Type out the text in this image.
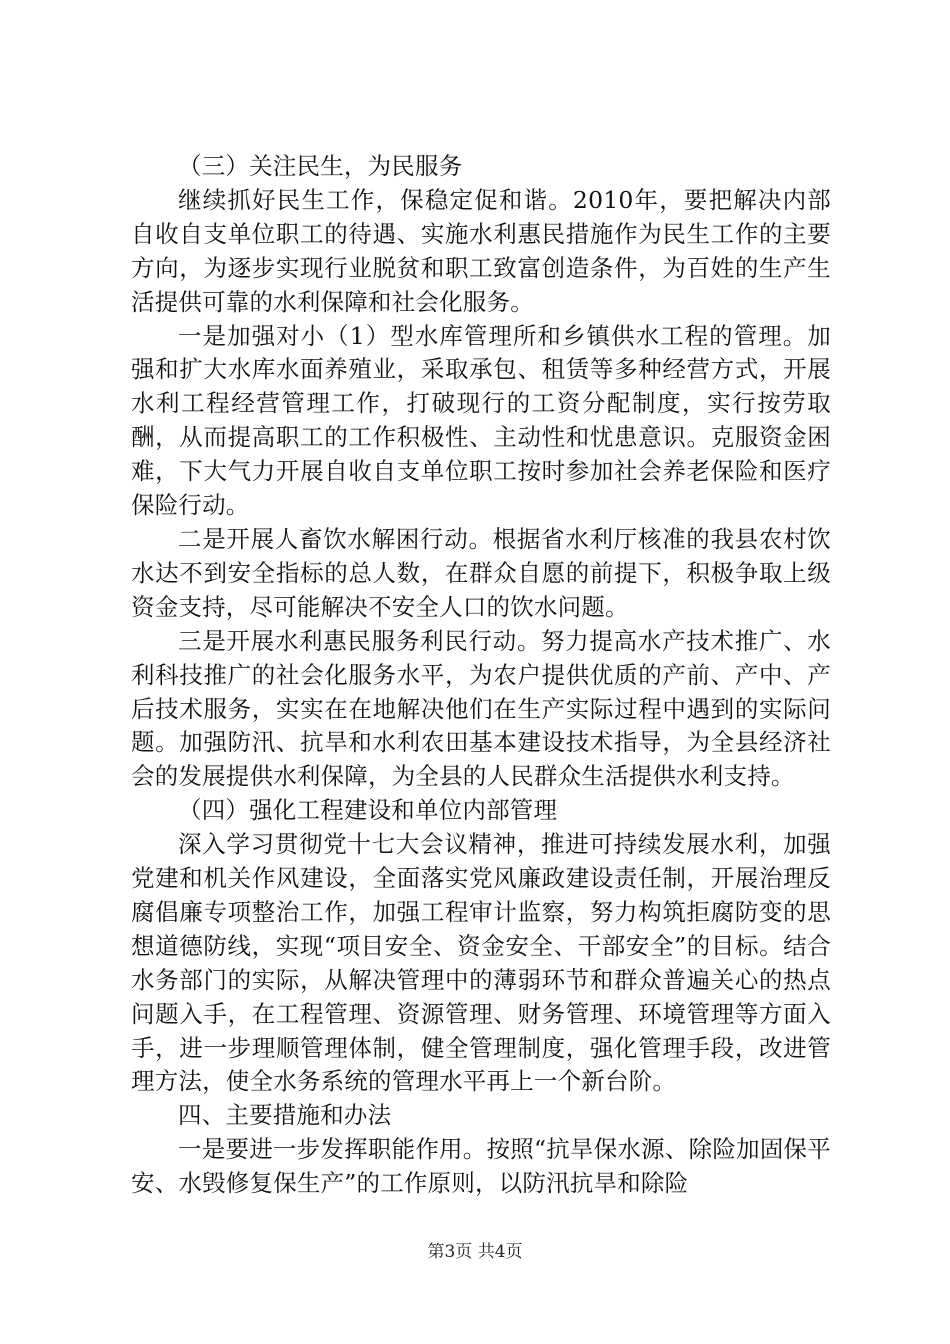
（三）关注民生，为民服务

继续抓好民生工作，保稳定促和谐。2010年，要把解决内部自收自支单位职工的待遇、实施水利惠民措施作为民生工作的主要方向，为逐步实现行业脱贫和职工致富创造条件，为百姓的生产生活提供可靠的水利保障和社会化服务。

一是加强对小（1）型水库管理所和乡镇供水工程的管理。加强和扩大水库水面养殖业，采取承包、租赁等多种经营方式，开展水利工程经营管理工作，打破现行的工资分配制度，实行按劳取酬，从而提高职工的工作积极性、主动性和忧患意识。克服资金困难，下大气力开展自收自支单位职工按时参加社会养老保险和医疗保险行动。

二是开展人畜饮水解困行动。根据省水利厅核准的我县农村饮水达不到安全指标的总人数，在群众自愿的前提下，积极争取上级资金支持，尽可能解决不安全人口的饮水问题。

三是开展水利惠民服务利民行动。努力提高水产技术推广、水利科技推广的社会化服务水平，为农户提供优质的产前、产中、产后技术服务，实实在在地解决他们在生产实际过程中遇到的实际问题。加强防汛、抗旱和水利农田基本建设技术指导，为全县经济社会的发展提供水利保障，为全县的人民群众生活提供水利支持。

（四）强化工程建设和单位内部管理

深入学习贯彻党十七大会议精神，推进可持续发展水利，加强党建和机关作风建设，全面落实党风廉政建设责任制，开展治理反腐倡廉专项整治工作，加强工程审计监察，努力构筑拒腐防变的思想道德防线，实现“项目安全、资金安全、干部安全”的目标。结合水务部门的实际，从解决管理中的薄弱环节和群众普遍关心的热点问题入手，在工程管理、资源管理、财务管理、环境管理等方面入手，进一步理顺管理体制，健全管理制度，强化管理手段，改进管理方法，使全水务系统的管理水平再上一个新台阶。

四、主要措施和办法

一是要进一步发挥职能作用。按照“抗旱保水源、除险加固保平安、水毁修复保生产”的工作原则，以防汛抗旱和除险

第3页 共4页
